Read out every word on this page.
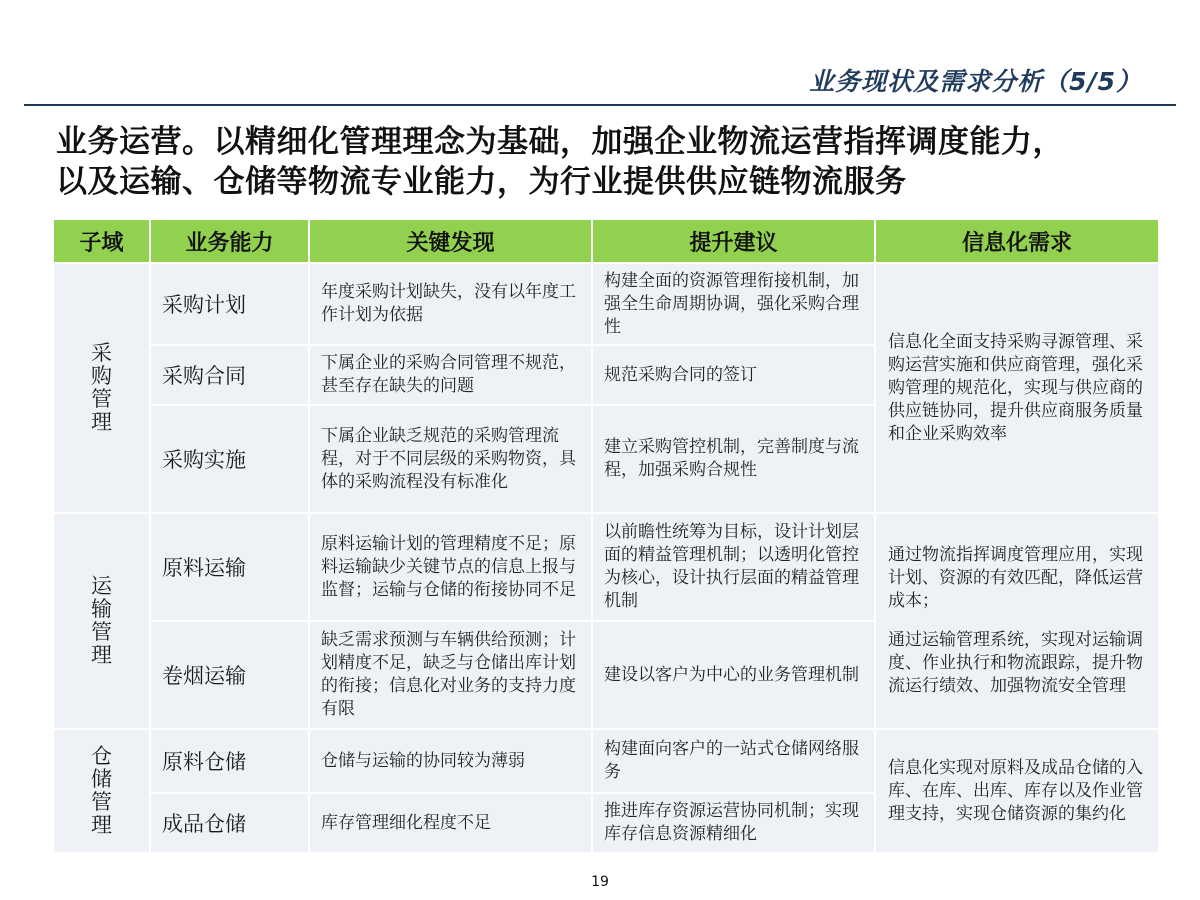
业务现状及需求分析（5/5）
业务运营。以精细化管理理念为基础，加强企业物流运营指挥调度能力，
以及运输、仓储等物流专业能力，为行业提供供应链物流服务
子域	业务能力	关键发现	提升建议	信息化需求
采购管理	采购计划	年度采购计划缺失，没有以年度工作计划为依据	构建全面的资源管理衔接机制，加强全生命周期协调，强化采购合理性	信息化全面支持采购寻源管理、采购运营实施和供应商管理，强化采购管理的规范化，实现与供应商的供应链协同，提升供应商服务质量和企业采购效率

	采购合同	下属企业的采购合同管理不规范，甚至存在缺失的问题	规范采购合同的签订	
	采购实施	下属企业缺乏规范的采购管理流程，对于不同层级的采购物资，具体的采购流程没有标准化	建立采购管控机制，完善制度与流程，加强采购合规性	
运输管理	原料运输	原料运输计划的管理精度不足；原料运输缺少关键节点的信息上报与监督；运输与仓储的衔接协同不足	以前瞻性统筹为目标，设计计划层面的精益管理机制；以透明化管控为核心，设计执行层面的精益管理机制	通过物流指挥调度管理应用，实现计划、资源的有效匹配，降低运营成本；
通过运输管理系统，实现对运输调度、作业执行和物流跟踪，提升物流运行绩效、加强物流安全管理

	卷烟运输	缺乏需求预测与车辆供给预测；计划精度不足，缺乏与仓储出库计划的衔接；信息化对业务的支持力度有限	建设以客户为中心的业务管理机制	
仓储管理	原料仓储	仓储与运输的协同较为薄弱	构建面向客户的一站式仓储网络服务	信息化实现对原料及成品仓储的入库、在库、出库、库存以及作业管理支持，实现仓储资源的集约化

	成品仓储	库存管理细化程度不足	推进库存资源运营协同机制；实现库存信息资源精细化	
19
